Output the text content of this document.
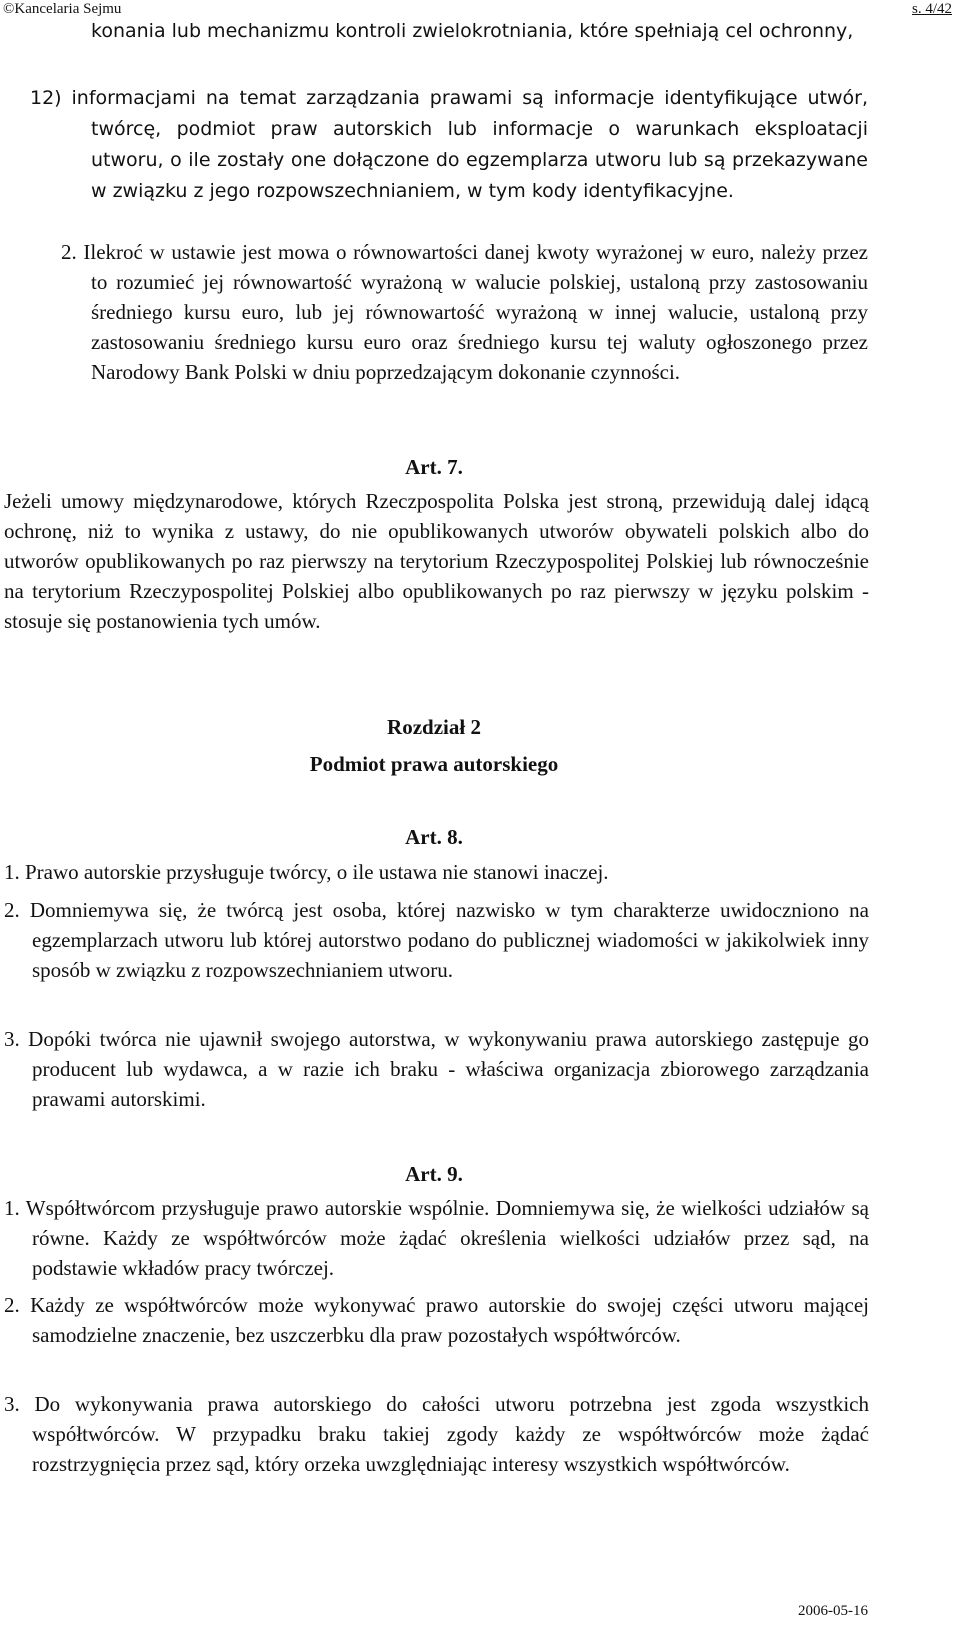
©Kancelaria Sejmu	s. 4/42

konania lub mechanizmu kontroli zwielokrotniania, które spełniają cel ochronny,

12) informacjami na temat zarządzania prawami są informacje identyfikujące utwór, twórcę, podmiot praw autorskich lub informacje o warunkach eksploatacji utworu, o ile zostały one dołączone do egzemplarza utworu lub są przekazywane w związku z jego rozpowszechnianiem, w tym kody identyfikacyjne.

2. Ilekroć w ustawie jest mowa o równowartości danej kwoty wyrażonej w euro, należy przez to rozumieć jej równowartość wyrażoną w walucie polskiej, ustaloną przy zastosowaniu średniego kursu euro, lub jej równowartość wyrażoną w innej walucie, ustaloną przy zastosowaniu średniego kursu euro oraz średniego kursu tej waluty ogłoszonego przez Narodowy Bank Polski w dniu poprzedzającym dokonanie czynności.

Art. 7.

Jeżeli umowy międzynarodowe, których Rzeczpospolita Polska jest stroną, przewidują dalej idącą ochronę, niż to wynika z ustawy, do nie opublikowanych utworów obywateli polskich albo do utworów opublikowanych po raz pierwszy na terytorium Rzeczypospolitej Polskiej lub równocześnie na terytorium Rzeczypospolitej Polskiej albo opublikowanych po raz pierwszy w języku polskim - stosuje się postanowienia tych umów.

Rozdział 2

Podmiot prawa autorskiego

Art. 8.

1. Prawo autorskie przysługuje twórcy, o ile ustawa nie stanowi inaczej.

2. Domniemywa się, że twórcą jest osoba, której nazwisko w tym charakterze uwidoczniono na egzemplarzach utworu lub której autorstwo podano do publicznej wiadomości w jakikolwiek inny sposób w związku z rozpowszechnianiem utworu.

3. Dopóki twórca nie ujawnił swojego autorstwa, w wykonywaniu prawa autorskiego zastępuje go producent lub wydawca, a w razie ich braku - właściwa organizacja zbiorowego zarządzania prawami autorskimi.

Art. 9.

1. Współtwórcom przysługuje prawo autorskie wspólnie. Domniemywa się, że wielkości udziałów są równe. Każdy ze współtwórców może żądać określenia wielkości udziałów przez sąd, na podstawie wkładów pracy twórczej.

2. Każdy ze współtwórców może wykonywać prawo autorskie do swojej części utworu mającej samodzielne znaczenie, bez uszczerbku dla praw pozostałych współtwórców.

3. Do wykonywania prawa autorskiego do całości utworu potrzebna jest zgoda wszystkich współtwórców. W przypadku braku takiej zgody każdy ze współtwórców może żądać rozstrzygnięcia przez sąd, który orzeka uwzględniając interesy wszystkich współtwórców.

2006-05-16
